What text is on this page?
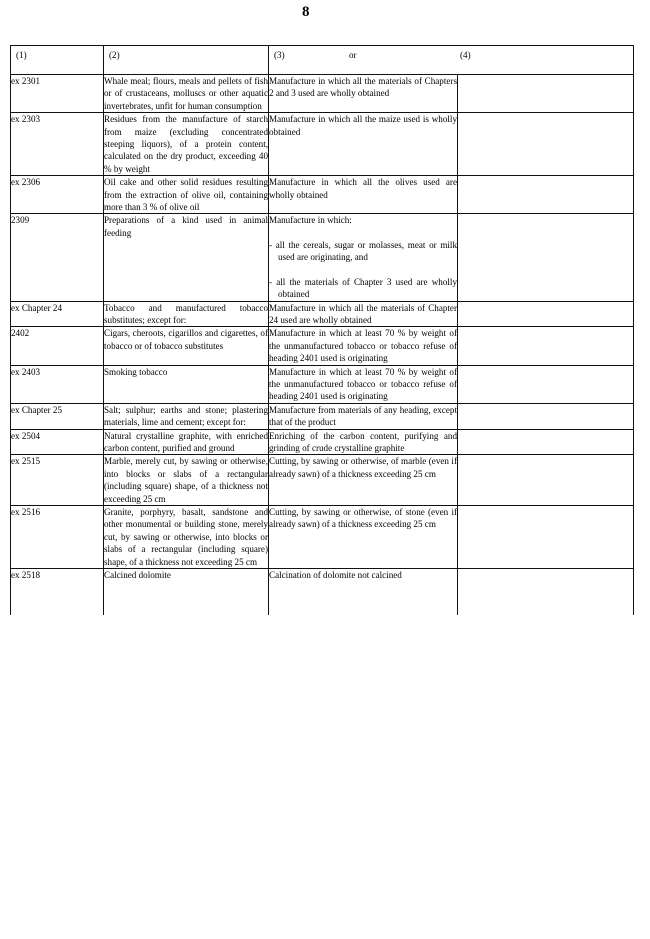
8
(1)	(2)	(3) or (4)	

ex 2301	Whale meal; flours, meals and pellets of fish or of crustaceans, molluscs or other aquatic invertebrates, unfit for human consumption	Manufacture in which all the materials of Chapters 2 and 3 used are wholly obtained	
ex 2303	Residues from the manufacture of starch from maize (excluding concentrated steeping liquors), of a protein content, calculated on the dry product, exceeding 40 % by weight	Manufacture in which all the maize used is wholly obtained	
ex 2306	Oil cake and other solid residues resulting from the extraction of olive oil, containing more than 3 % of olive oil	Manufacture in which all the olives used are wholly obtained	
2309	Preparations of a kind used in animal feeding	Manufacture in which:
- all the cereals, sugar or molasses, meat or milk used are originating, and
- all the materials of Chapter 3 used are wholly obtained	

ex Chapter 24	Tobacco and manufactured tobacco substitutes; except for:	Manufacture in which all the materials of Chapter 24 used are wholly obtained	
2402	Cigars, cheroots, cigarillos and cigarettes, of tobacco or of tobacco substitutes	Manufacture in which at least 70 % by weight of the unmanufactured tobacco or tobacco refuse of heading 2401 used is originating	
ex 2403	Smoking tobacco	Manufacture in which at least 70 % by weight of the unmanufactured tobacco or tobacco refuse of heading 2401 used is originating	
ex Chapter 25	Salt; sulphur; earths and stone; plastering materials, lime and cement; except for:	Manufacture from materials of any heading, except that of the product	
ex 2504	Natural crystalline graphite, with enriched carbon content, purified and ground	Enriching of the carbon content, purifying and grinding of crude crystalline graphite	
ex 2515	Marble, merely cut, by sawing or otherwise, into blocks or slabs of a rectangular (including square) shape, of a thickness not exceeding 25 cm	Cutting, by sawing or otherwise, of marble (even if already sawn) of a thickness exceeding 25 cm	
ex 2516	Granite, porphyry, basalt, sandstone and other monumental or building stone, merely cut, by sawing or otherwise, into blocks or slabs of a rectangular (including square) shape, of a thickness not exceeding 25 cm	Cutting, by sawing or otherwise, of stone (even if already sawn) of a thickness exceeding 25 cm	
ex 2518	Calcined dolomite	Calcination of dolomite not calcined	
